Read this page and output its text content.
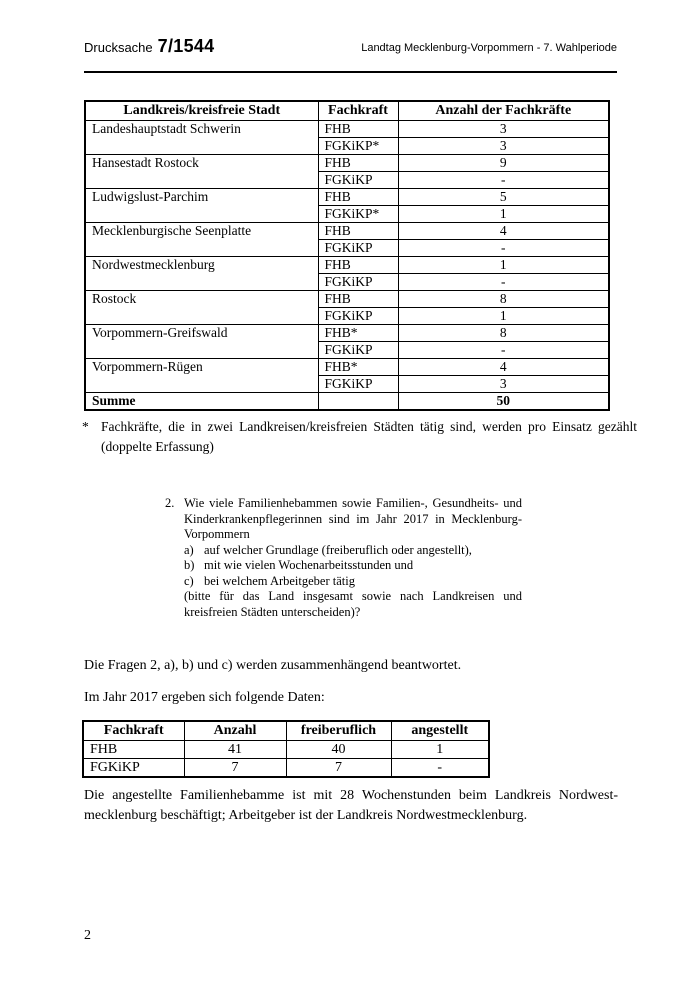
Drucksache 7/1544	Landtag Mecklenburg-Vorpommern - 7. Wahlperiode
Landkreis/kreisfreie Stadt	Fachkraft	Anzahl der Fachkräfte
Landeshauptstadt Schwerin	FHB	3
	FGKiKP*	3
Hansestadt Rostock	FHB	9
	FGKiKP	-
Ludwigslust-Parchim	FHB	5
	FGKiKP*	1
Mecklenburgische Seenplatte	FHB	4
	FGKiKP	-
Nordwestmecklenburg	FHB	1
	FGKiKP	-
Rostock	FHB	8
	FGKiKP	1
Vorpommern-Greifswald	FHB*	8
	FGKiKP	-
Vorpommern-Rügen	FHB*	4
	FGKiKP	3
Summe		50
* Fachkräfte, die in zwei Landkreisen/kreisfreien Städten tätig sind, werden pro Einsatz gezählt (doppelte Erfassung)

2. Wie viele Familienhebammen sowie Familien-, Gesundheits- und Kinderkrankenpflegerinnen sind im Jahr 2017 in Mecklenburg-Vorpommern

a) auf welcher Grundlage (freiberuflich oder angestellt),
b) mit wie vielen Wochenarbeitsstunden und
c) bei welchem Arbeitgeber tätig

(bitte für das Land insgesamt sowie nach Landkreisen und kreisfreien Städten unterscheiden)?

Die Fragen 2, a), b) und c) werden zusammenhängend beantwortet.
Im Jahr 2017 ergeben sich folgende Daten:
Fachkraft	Anzahl	freiberuflich	angestellt
FHB	41	40	1
FGKiKP	7	7	-
Die angestellte Familienhebamme ist mit 28 Wochenstunden beim Landkreis Nordwest-mecklenburg beschäftigt; Arbeitgeber ist der Landkreis Nordwestmecklenburg.
2
